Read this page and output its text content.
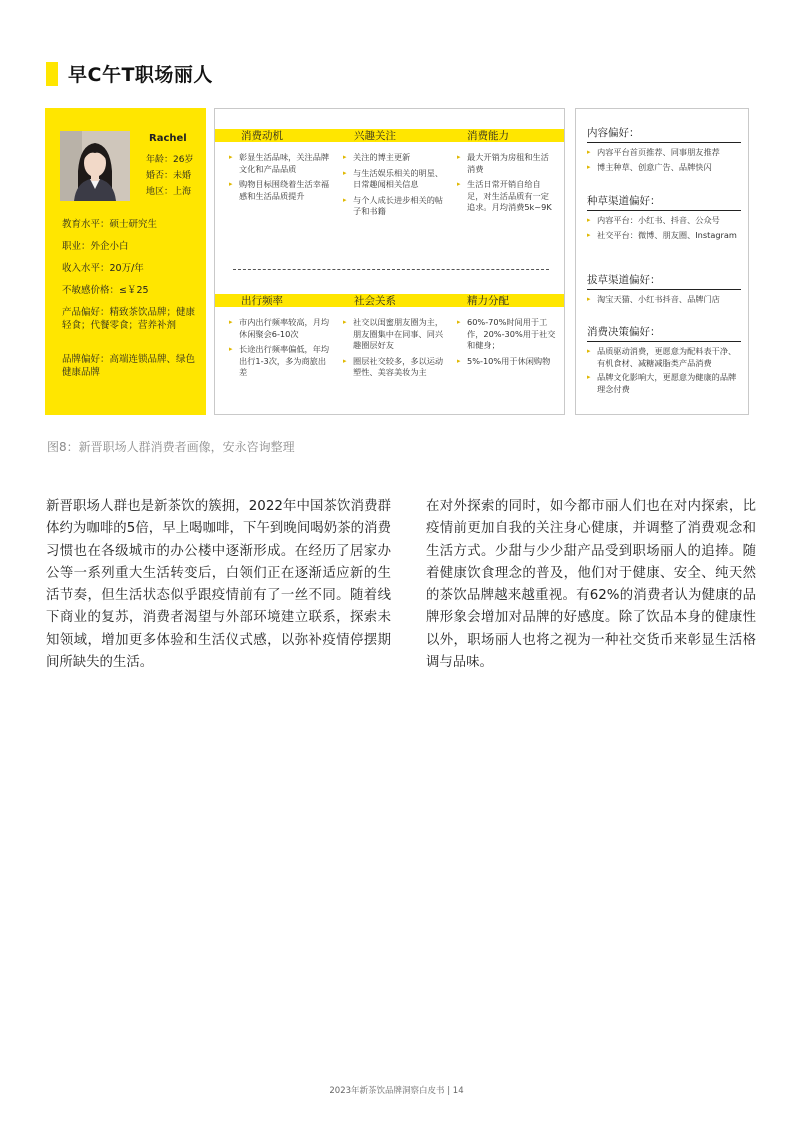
早C午T职场丽人
Rachel
年龄：26岁
婚否：未婚
地区：上海
教育水平：硕士研究生
职业：外企小白
收入水平：20万/年
不敏感价格：≤￥25
产品偏好：精致茶饮品牌；健康轻食；代餐零食；营养补剂
品牌偏好：高端连锁品牌、绿色健康品牌
消费动机	兴趣关注	消费能力
▸ 彰显生活品味，关注品牌文化和产品品质
▸ 购物目标围绕着生活幸福感和生活品质提升
▸ 关注的博主更新
▸ 与生活娱乐相关的明星、日常趣闻相关信息
▸ 与个人成长进步相关的帖子和书籍
▸ 最大开销为房租和生活消费
▸ 生活日常开销自给自足，对生活品质有一定追求。月均消费5k~9K
出行频率	社会关系	精力分配
▸ 市内出行频率较高，月均休闲聚会6-10次
▸ 长途出行频率偏低，年均出行1-3次，多为商旅出差
▸ 社交以闺蜜朋友圈为主，朋友圈集中在同事、同兴趣圈层好友
▸ 圈层社交较多，多以运动塑性、美容美妆为主
▸ 60%-70%时间用于工作，20%-30%用于社交和健身；
▸ 5%-10%用于休闲购物
内容偏好：
▸ 内容平台首页推荐、同事朋友推荐
▸ 博主种草、创意广告、品牌快闪
种草渠道偏好：
▸ 内容平台：小红书、抖音、公众号
▸ 社交平台：微博、朋友圈、Instagram
拔草渠道偏好：
▸ 淘宝天猫、小红书抖音、品牌门店
消费决策偏好：
▸ 品质驱动消费，更愿意为配料表干净、有机食材、减糖减脂类产品消费
▸ 品牌文化影响大，更愿意为健康的品牌理念付费
图8：新晋职场人群消费者画像，安永咨询整理
新晋职场人群也是新茶饮的簇拥，2022年中国茶饮消费群体约为咖啡的5倍，早上喝咖啡，下午到晚间喝奶茶的消费习惯也在各级城市的办公楼中逐渐形成。在经历了居家办公等一系列重大生活转变后，白领们正在逐渐适应新的生活节奏，但生活状态似乎跟疫情前有了一丝不同。随着线下商业的复苏，消费者渴望与外部环境建立联系，探索未知领域，增加更多体验和生活仪式感，以弥补疫情停摆期间所缺失的生活。
在对外探索的同时，如今都市丽人们也在对内探索，比疫情前更加自我的关注身心健康，并调整了消费观念和生活方式。少甜与少少甜产品受到职场丽人的追捧。随着健康饮食理念的普及，他们对于健康、安全、纯天然的茶饮品牌越来越重视。有62%的消费者认为健康的品牌形象会增加对品牌的好感度。除了饮品本身的健康性以外，职场丽人也将之视为一种社交货币来彰显生活格调与品味。
2023年新茶饮品牌洞察白皮书 | 14
